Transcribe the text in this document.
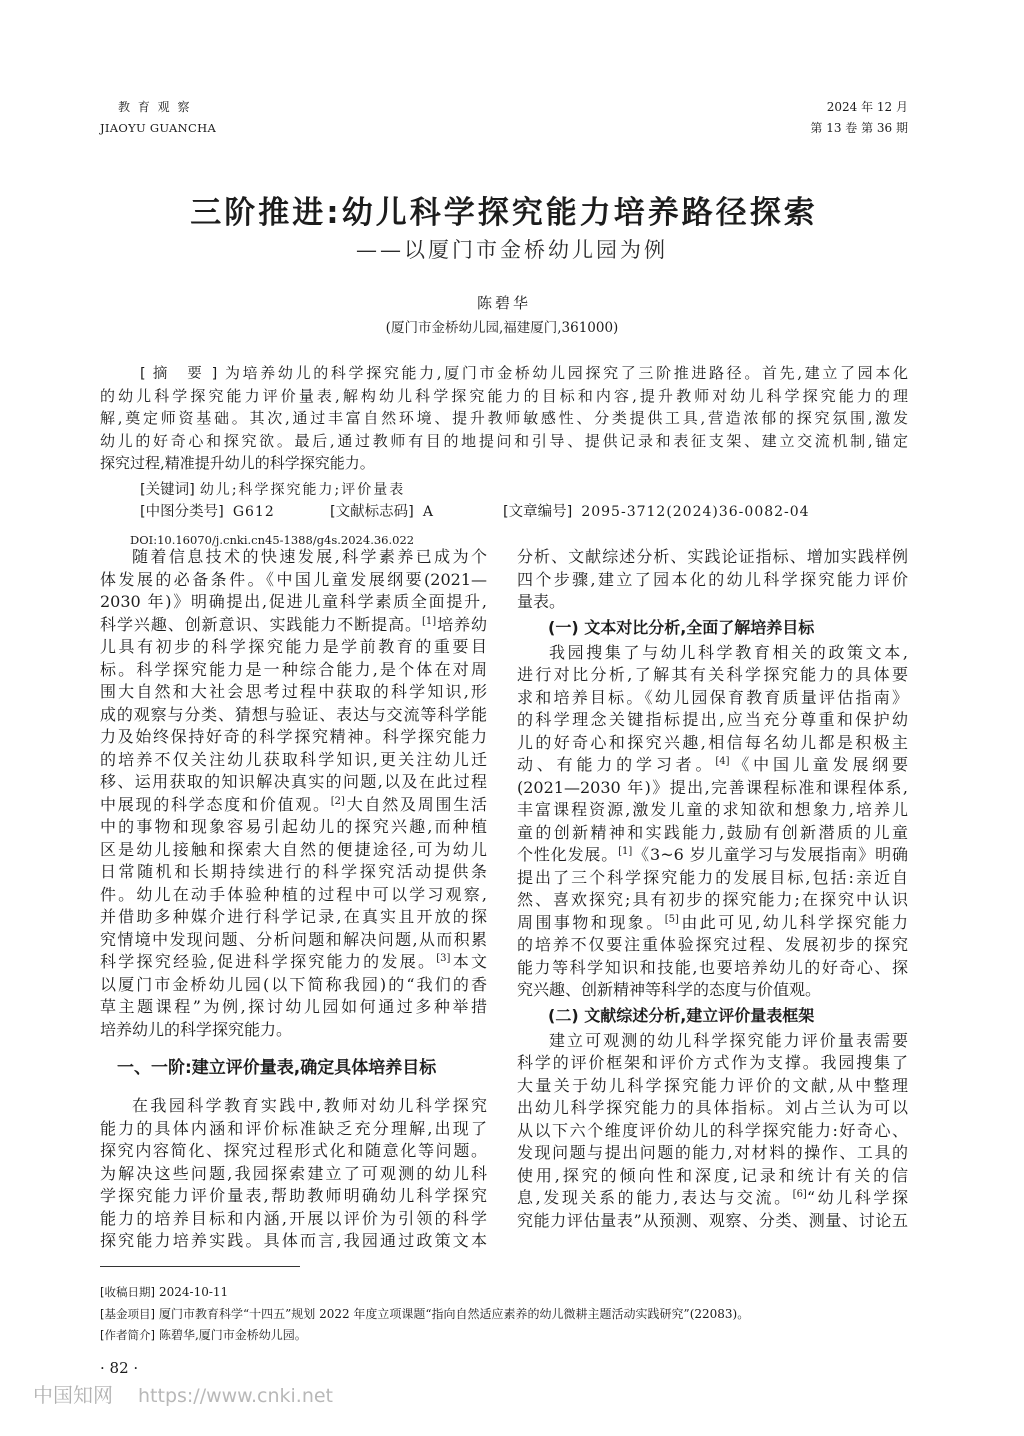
教 育 观 察
JIAOYU GUANCHA
2024 年 12 月
第 13 卷 第 36 期
三阶推进:幼儿科学探究能力培养路径探索
——以厦门市金桥幼儿园为例
陈碧华
(厦门市金桥幼儿园,福建厦门,361000)
[ 摘　要 ] 为培养幼儿的科学探究能力,厦门市金桥幼儿园探究了三阶推进路径。首先,建立了园本化
的幼儿科学探究能力评价量表,解构幼儿科学探究能力的目标和内容,提升教师对幼儿科学探究能力的理
解,奠定师资基础。其次,通过丰富自然环境、提升教师敏感性、分类提供工具,营造浓郁的探究氛围,激发
幼儿的好奇心和探究欲。最后,通过教师有目的地提问和引导、提供记录和表征支架、建立交流机制,锚定
探究过程,精准提升幼儿的科学探究能力。
[关键词] 幼儿;科学探究能力;评价量表
[中图分类号] G612	[文献标志码] A	[文章编号] 2095-3712(2024)36-0082-04
DOI:10.16070/j.cnki.cn45-1388/g4s.2024.36.022
随着信息技术的快速发展,科学素养已成为个
体发展的必备条件。《中国儿童发展纲要(2021—
2030 年)》明确提出,促进儿童科学素质全面提升,
科学兴趣、创新意识、实践能力不断提高。[1]培养幼
儿具有初步的科学探究能力是学前教育的重要目
标。科学探究能力是一种综合能力,是个体在对周
围大自然和大社会思考过程中获取的科学知识,形
成的观察与分类、猜想与验证、表达与交流等科学能
力及始终保持好奇的科学探究精神。科学探究能力
的培养不仅关注幼儿获取科学知识,更关注幼儿迁
移、运用获取的知识解决真实的问题,以及在此过程
中展现的科学态度和价值观。[2]大自然及周围生活
中的事物和现象容易引起幼儿的探究兴趣,而种植
区是幼儿接触和探索大自然的便捷途径,可为幼儿
日常随机和长期持续进行的科学探究活动提供条
件。幼儿在动手体验种植的过程中可以学习观察,
并借助多种媒介进行科学记录,在真实且开放的探
究情境中发现问题、分析问题和解决问题,从而积累
科学探究经验,促进科学探究能力的发展。[3]本文
以厦门市金桥幼儿园(以下简称我园)的“我们的香
草主题课程”为例,探讨幼儿园如何通过多种举措
培养幼儿的科学探究能力。
一、一阶:建立评价量表,确定具体培养目标
在我园科学教育实践中,教师对幼儿科学探究
能力的具体内涵和评价标准缺乏充分理解,出现了
探究内容简化、探究过程形式化和随意化等问题。
为解决这些问题,我园探索建立了可观测的幼儿科
学探究能力评价量表,帮助教师明确幼儿科学探究
能力的培养目标和内涵,开展以评价为引领的科学
探究能力培养实践。具体而言,我园通过政策文本
分析、文献综述分析、实践论证指标、增加实践样例
四个步骤,建立了园本化的幼儿科学探究能力评价
量表。
(一) 文本对比分析,全面了解培养目标
我园搜集了与幼儿科学教育相关的政策文本,
进行对比分析,了解其有关科学探究能力的具体要
求和培养目标。《幼儿园保育教育质量评估指南》
的科学理念关键指标提出,应当充分尊重和保护幼
儿的好奇心和探究兴趣,相信每名幼儿都是积极主
动、有能力的学习者。[4]《中国儿童发展纲要
(2021—2030 年)》提出,完善课程标准和课程体系,
丰富课程资源,激发儿童的求知欲和想象力,培养儿
童的创新精神和实践能力,鼓励有创新潜质的儿童
个性化发展。[1]《3~6 岁儿童学习与发展指南》明确
提出了三个科学探究能力的发展目标,包括:亲近自
然、喜欢探究;具有初步的探究能力;在探究中认识
周围事物和现象。[5]由此可见,幼儿科学探究能力
的培养不仅要注重体验探究过程、发展初步的探究
能力等科学知识和技能,也要培养幼儿的好奇心、探
究兴趣、创新精神等科学的态度与价值观。
(二) 文献综述分析,建立评价量表框架
建立可观测的幼儿科学探究能力评价量表需要
科学的评价框架和评价方式作为支撑。我园搜集了
大量关于幼儿科学探究能力评价的文献,从中整理
出幼儿科学探究能力的具体指标。刘占兰认为可以
从以下六个维度评价幼儿的科学探究能力:好奇心、
发现问题与提出问题的能力,对材料的操作、工具的
使用,探究的倾向性和深度,记录和统计有关的信
息,发现关系的能力,表达与交流。[6]“幼儿科学探
究能力评估量表”从预测、观察、分类、测量、讨论五
[收稿日期] 2024-10-11
[基金项目] 厦门市教育科学“十四五”规划 2022 年度立项课题“指向自然适应素养的幼儿微耕主题活动实践研究”(22083)。
[作者简介] 陈碧华,厦门市金桥幼儿园。
· 82 ·
中国知网 https://www.cnki.net
